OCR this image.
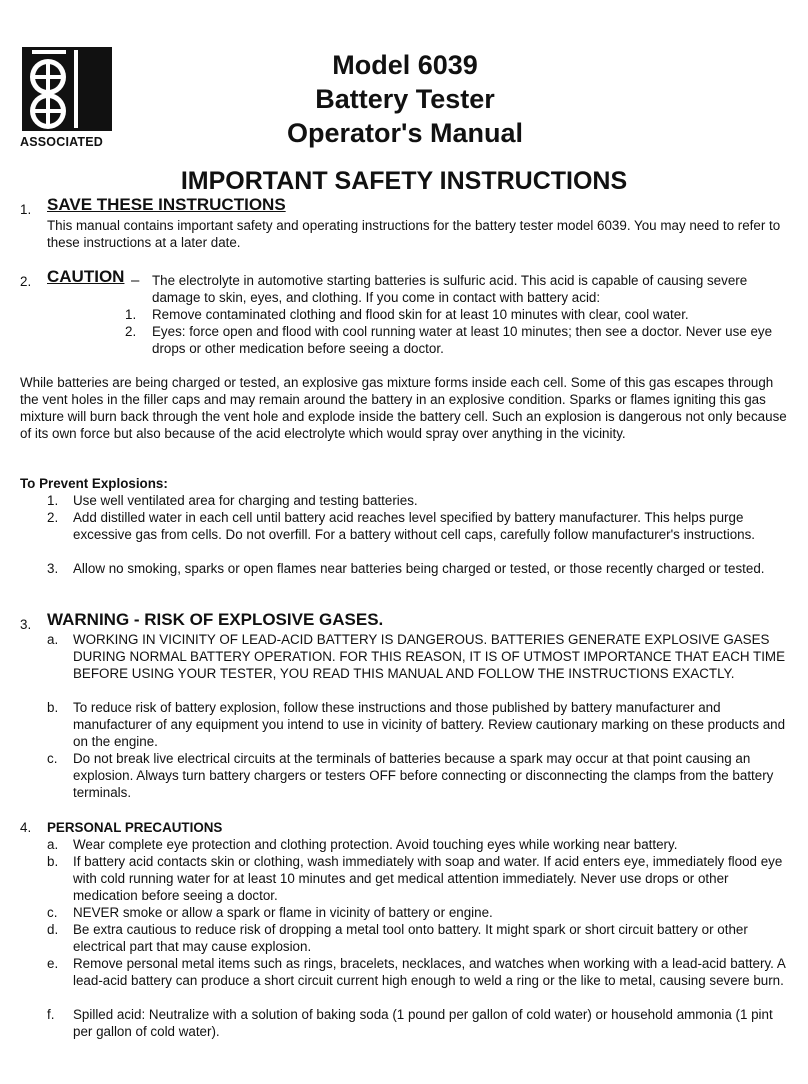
ASSOCIATED
Model 6039
Battery Tester
Operator's Manual
IMPORTANT SAFETY INSTRUCTIONS
1. SAVE THESE INSTRUCTIONS

This manual contains important safety and operating instructions for the battery tester model 6039. You may need to refer to these instructions at a later date.

2. CAUTION – The electrolyte in automotive starting batteries is sulfuric acid. This acid is capable of causing severe damage to skin, eyes, and clothing. If you come in contact with battery acid:

1. Remove contaminated clothing and flood skin for at least 10 minutes with clear, cool water.
2. Eyes: force open and flood with cool running water at least 10 minutes; then see a doctor. Never use eye drops or other medication before seeing a doctor.

While batteries are being charged or tested, an explosive gas mixture forms inside each cell. Some of this gas escapes through the vent holes in the filler caps and may remain around the battery in an explosive condition. Sparks or flames igniting this gas mixture will burn back through the vent hole and explode inside the battery cell. Such an explosion is dangerous not only because of its own force but also because of the acid electrolyte which would spray over anything in the vicinity.

To Prevent Explosions:
1. Use well ventilated area for charging and testing batteries.
2. Add distilled water in each cell until battery acid reaches level specified by battery manufacturer. This helps purge excessive gas from cells. Do not overfill. For a battery without cell caps, carefully follow manufacturer's instructions.
3. Allow no smoking, sparks or open flames near batteries being charged or tested, or those recently charged or tested.
3. WARNING - RISK OF EXPLOSIVE GASES.
a. WORKING IN VICINITY OF LEAD-ACID BATTERY IS DANGEROUS. BATTERIES GENERATE EXPLOSIVE GASES DURING NORMAL BATTERY OPERATION. FOR THIS REASON, IT IS OF UTMOST IMPORTANCE THAT EACH TIME BEFORE USING YOUR TESTER, YOU READ THIS MANUAL AND FOLLOW THE INSTRUCTIONS EXACTLY.
b. To reduce risk of battery explosion, follow these instructions and those published by battery manufacturer and manufacturer of any equipment you intend to use in vicinity of battery. Review cautionary marking on these products and on the engine.
c. Do not break live electrical circuits at the terminals of batteries because a spark may occur at that point causing an explosion. Always turn battery chargers or testers OFF before connecting or disconnecting the clamps from the battery terminals.
4. PERSONAL PRECAUTIONS
a. Wear complete eye protection and clothing protection. Avoid touching eyes while working near battery.
b. If battery acid contacts skin or clothing, wash immediately with soap and water. If acid enters eye, immediately flood eye with cold running water for at least 10 minutes and get medical attention immediately. Never use drops or other medication before seeing a doctor.
c. NEVER smoke or allow a spark or flame in vicinity of battery or engine.
d. Be extra cautious to reduce risk of dropping a metal tool onto battery. It might spark or short circuit battery or other electrical part that may cause explosion.
e. Remove personal metal items such as rings, bracelets, necklaces, and watches when working with a lead-acid battery. A lead-acid battery can produce a short circuit current high enough to weld a ring or the like to metal, causing severe burn.
f. Spilled acid: Neutralize with a solution of baking soda (1 pound per gallon of cold water) or household ammonia (1 pint per gallon of cold water).
